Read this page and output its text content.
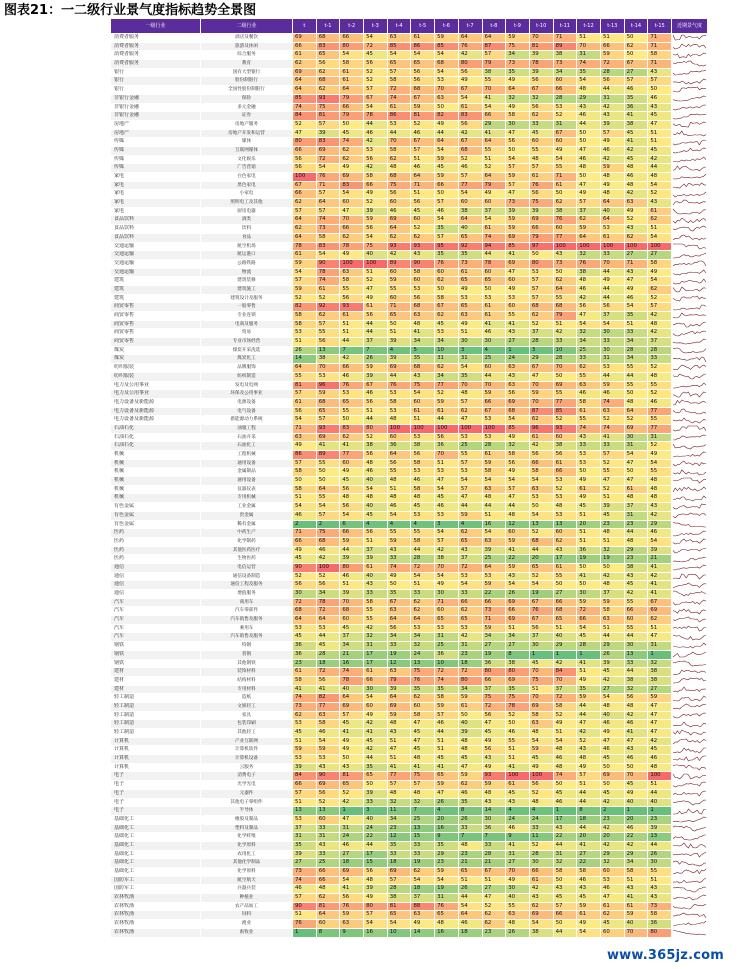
图表21：一二级行业景气度指标趋势全景图
一级行业	二级行业	t	t-1	t-2	t-3	t-4	t-5	t-6	t-7	t-8	t-9	t-10	t-11	t-12	t-13	t-14	t-15	近期景气度
消费者服务	酒店及餐饮	69	68	66	54	63	61	59	64	64	59	70	71	51	51	50	71	

消费者服务	旅游及休闲	66	83	80	72	85	86	85	76	87	75	81	89	70	66	62	71	

消费者服务	综合服务	61	65	54	45	54	54	54	42	57	34	39	38	31	59	50	58	

消费者服务	教育	62	56	58	56	65	65	68	80	79	73	78	73	74	72	67	71	

银行	国有大型银行	69	62	61	52	57	56	54	56	38	35	39	34	35	28	27	43	

银行	股份制银行	64	68	61	52	58	56	53	49	55	49	56	60	54	56	57	57	

银行	全国性股份制银行	64	62	64	57	72	68	70	67	70	64	67	66	48	44	46	50	

非银行金融	保险	85	93	79	67	74	67	63	54	41	32	32	28	29	31	35	46	

非银行金融	多元金融	74	75	66	54	61	59	50	61	54	49	56	53	43	42	36	43	

非银行金融	证券	84	81	79	78	86	81	82	83	66	58	62	52	46	43	41	45	

房地产	房地产服务	52	57	50	44	53	52	49	56	29	30	33	31	44	39	38	47	

房地产	房地产开发和运营	47	39	45	46	44	46	44	42	41	47	45	67	50	57	45	51	

传媒	媒体	80	83	74	42	70	67	64	67	64	56	60	60	50	49	41	51	

传媒	互联网媒体	66	69	62	53	58	57	54	68	55	50	55	49	47	46	42	45	

传媒	文化娱乐	56	72	62	56	62	51	59	52	51	54	48	54	46	42	45	42	

传媒	广告营销	56	54	49	42	48	46	45	46	52	57	57	55	48	59	48	44	

家电	白色家电	100	76	69	58	68	64	59	57	64	59	61	71	50	48	46	48	

家电	黑色家电	67	71	83	66	75	71	66	77	79	57	76	61	47	49	48	54	

家电	小家电	66	57	54	49	56	51	50	54	49	47	56	50	49	48	42	52	

家电	照明电工及其他	62	64	60	52	60	56	57	60	60	73	75	62	57	64	63	43	

家电	厨房电器	57	57	47	39	46	45	46	38	37	39	39	38	37	40	49	61	

食品饮料	酒类	64	74	70	59	69	60	54	64	54	59	69	76	62	64	52	62	

食品饮料	饮料	62	73	66	56	64	52	35	40	61	59	66	60	59	53	43	51	

食品饮料	食品	64	58	62	54	62	62	57	65	74	69	79	77	64	61	62	54	

交通运输	航空机场	78	83	78	75	93	93	95	92	94	85	97	100	100	100	100	100	

交通运输	航运港口	61	54	49	40	42	43	35	35	44	41	50	43	32	33	27	27	

交通运输	公路铁路	59	90	100	100	89	90	76	73	78	69	80	73	76	70	71	58	

交通运输	物流	54	78	63	51	60	58	60	61	60	47	53	50	38	44	43	49	

建筑	建筑装修	57	74	58	52	59	60	62	65	65	60	57	62	48	49	47	54	

建筑	建筑施工	59	61	55	47	55	53	50	49	50	49	57	64	46	44	49	62	

建筑	建筑设计及服务	52	52	56	49	60	56	58	53	53	53	57	55	42	44	46	52	

商贸零售	一般零售	82	92	93	61	71	68	67	65	61	60	68	68	56	56	54	57	

商贸零售	专业连锁	58	62	61	56	65	63	62	63	61	55	62	79	47	37	35	42	

商贸零售	电商及服务	58	57	51	44	50	48	45	49	41	41	52	51	54	54	51	48	

商贸零售	贸易	53	55	51	44	51	41	53	51	46	43	37	42	32	30	33	42	

商贸零售	专业市场经营	51	56	44	37	39	34	34	30	30	27	28	33	34	33	34	37	

煤炭	煤炭开采洗选	26	13	7	7	4	5	10	3	4	1	3	10	25	30	28	28	

煤炭	煤炭化工	14	38	42	26	39	35	31	31	25	24	29	28	33	31	34	33	

纺织服装	品牌服饰	64	70	66	59	69	68	62	54	60	63	67	70	62	53	55	52	

纺织服装	纺织制造	55	53	46	39	44	43	34	35	44	43	47	50	55	44	44	48	

电力及公用事业	发电及电网	81	96	76	67	76	75	77	70	70	63	70	69	63	59	55	55	

电力及公用事业	环保及公用事业	57	59	53	46	53	54	52	48	59	56	59	55	46	46	50	52	

电力设备及新能源	电源设备	61	68	65	56	58	60	59	57	66	69	70	77	58	74	48	46	

电力设备及新能源	电气设备	56	65	55	51	53	61	61	62	67	68	87	85	61	63	64	77	

电力设备及新能源	新能源动力系统	54	57	50	44	48	51	44	47	53	54	62	52	55	52	52	55	

石油石化	油服工程	71	93	83	80	100	100	100	100	100	85	96	93	74	74	69	77	

石油石化	石油开采	63	69	62	52	60	53	56	53	53	49	61	60	43	41	30	31	

石油石化	石油化工	49	41	41	38	36	38	36	25	28	32	42	38	33	33	31	52	

机械	工程机械	86	89	77	56	64	56	70	55	61	58	56	56	53	57	54	49	

机械	通用设备	57	55	60	48	56	58	51	57	59	56	66	61	53	52	47	54	

机械	金属制品	58	50	49	46	55	53	53	53	58	49	58	66	50	55	50	55	

机械	通用设备	50	50	45	40	48	46	47	54	54	54	54	53	49	47	47	48	

机械	仪器仪表	58	64	56	54	51	58	54	57	63	57	63	52	61	52	61	48	

机械	专用机械	51	55	48	48	48	48	45	47	48	47	53	53	49	51	48	48	

有色金属	工业金属	54	54	56	40	46	45	46	44	44	44	50	48	45	39	37	43	

有色金属	贵金属	46	57	54	45	54	53	53	59	51	48	54	53	51	45	31	42	

有色金属	稀有金属	2	2	6	4	4	4	3	4	16	12	13	13	20	23	23	29	

医药	中药生产	71	75	66	56	55	55	54	62	54	60	52	60	51	48	44	46	

医药	化学制药	66	68	59	51	59	58	57	65	63	59	68	62	51	51	48	54	

医药	其他医药医疗	49	46	44	37	43	44	42	43	39	41	44	43	36	32	29	39	

医药	生物医药	45	42	39	39	33	28	38	37	25	22	20	17	19	19	23	21	

通信	电信运营	90	100	80	61	74	72	70	72	64	59	65	61	50	50	38	41	

通信	通信设备制造	52	52	46	40	49	54	54	53	53	43	52	55	41	42	43	42	

通信	通信工程及服务	56	56	51	43	50	51	49	54	59	54	54	50	50	48	45	41	

通信	增值服务	30	34	39	33	35	33	30	33	22	26	19	27	30	37	42	41	

汽车	商用车	72	78	70	58	67	62	71	66	66	69	67	66	59	59	55	67	

汽车	汽车零部件	68	72	68	55	63	62	60	62	73	66	76	68	72	58	66	69	

汽车	汽车销售及服务	64	64	60	55	64	64	65	65	71	69	67	65	66	63	60	62	

汽车	乘用车	53	53	45	42	56	53	53	53	59	51	56	51	54	51	55	51	

汽车	汽车销售及服务	45	44	37	32	34	34	31	42	34	34	37	40	45	44	44	47	

钢铁	特钢	36	45	34	31	33	32	25	31	27	27	30	29	28	29	30	31	

钢铁	普钢	36	28	21	17	19	24	36	23	19	8	1	1	1	26	13	1	

钢铁	其他钢铁	23	18	16	17	12	13	10	18	36	38	45	42	41	39	33	32	

建材	装饰材料	61	72	74	61	63	75	72	72	80	80	70	84	51	45	44	38	

建材	结构材料	58	56	78	66	79	76	74	80	66	69	75	70	49	42	38	38	

建材	专用材料	41	41	40	30	39	35	35	34	37	35	51	37	35	27	32	27	

轻工制造	造纸	74	82	64	54	64	62	58	59	75	75	70	72	59	54	56	59	

轻工制造	文娱轻工	73	77	69	60	69	60	59	61	72	78	69	58	44	48	48	47	

轻工制造	家具	62	63	57	49	59	58	57	50	56	52	58	52	44	40	42	47	

轻工制造	包装印刷	53	58	45	42	48	47	46	40	47	50	63	49	47	46	46	47	

轻工制造	其他轻工	45	46	41	41	43	45	44	39	45	46	48	51	42	49	41	47	

计算机	产业互联网	51	54	49	45	51	47	51	48	49	55	54	54	52	47	47	42	

计算机	计算机软件	59	59	49	42	47	45	51	48	56	51	59	48	43	46	43	45	

计算机	计算机设备	53	53	50	44	51	48	45	45	43	51	45	46	48	45	46	46	

计算机	云服务	39	43	43	35	41	41	41	47	49	41	49	48	49	50	50	48	

电子	消费电子	84	90	81	65	77	75	65	59	93	100	100	74	57	69	70	100	

电子	光学光电	66	69	65	50	57	57	59	62	59	61	56	50	51	50	45	51	

电子	元器件	57	56	52	39	48	48	47	46	48	45	52	45	44	45	49	44	

电子	其他电子零组件	51	52	42	33	32	32	26	35	43	43	48	46	44	42	40	40	

电子	半导体	13	13	1	3	11	7	4	8	14	4	4	1	8	2	1	1	

基础化工	橡胶及制品	53	60	47	40	34	25	20	26	30	24	24	17	18	23	20	23	

基础化工	塑料及制品	37	33	31	24	23	13	16	33	36	46	33	43	44	42	46	39	

基础化工	化学纤维	31	31	24	22	12	15	9	7	7	9	11	22	20	20	22	13	

基础化工	化学原料	35	43	46	44	35	33	35	48	33	41	52	44	41	42	42	44	

基础化工	农用化工	39	33	27	17	33	33	29	23	28	31	28	31	27	29	29	26	

基础化工	其他化学制品	27	25	18	15	18	19	23	21	21	27	30	32	22	32	34	30	

基础化工	化学原料	73	66	69	56	69	62	59	65	67	70	66	58	58	60	58	55	

国防军工	航空航天	74	66	54	48	57	54	54	51	51	49	61	50	46	53	51	51	

国防军工	兵器兵装	46	48	41	39	28	18	19	26	27	30	42	43	43	46	43	43	

农林牧渔	种植业	57	62	56	49	38	37	31	44	47	40	43	45	45	47	41	43	

农林牧渔	农产品加工	90	81	76	80	81	88	76	54	52	55	62	57	59	61	61	73	

农林牧渔	饲料	51	64	59	57	65	63	65	64	62	63	69	66	61	62	59	58	

农林牧渔	渔业	76	60	63	54	54	49	48	46	62	48	54	50	49	45	40	36	

农林牧渔	畜牧业	1	8	9	16	10	14	16	18	23	26	38	44	54	60	70	80	
www.365jz.com
